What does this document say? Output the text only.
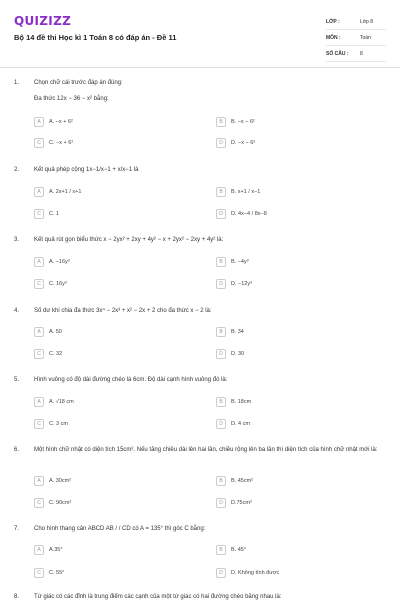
QUIZIZZ
Bộ 14 đề thi Học kì 1 Toán 8 có đáp án - Đề 11
LỚP :	Lớp 8
MÔN :	Toán
SỐ CÂU :	8
1. Chọn chữ cái trước đáp án đúng:
Đa thức 12x − 36 − x² bằng:
A	A. −x + 6²	B	B. −x − 6²
C	C. −x + 6²	D	D. −x − 6²
2. Kết quả phép cộng 1x−1/x−1 + x/x−1 là
A	A. 2x+1 / x+1	B	B. x+1 / x−1
C	C. 1	D	D. 4x−4 / 8x−8
3. Kết quả rút gọn biểu thức x − 2yx² + 2xy + 4y² − x + 2yx² − 2xy + 4y² là:
A	A. −16y³	B	B. −4y³
C	C. 16y³	D	D. −12y³
4. Số dư khi chia đa thức 3x⁴ − 2x³ + x² − 2x + 2 cho đa thức x − 2 là:
A	A. 50	B	B. 34
C	C. 32	D	D. 30
5. Hình vuông có độ dài đường chéo là 6cm. Độ dài cạnh hình vuông đó là:
A	A. √18 cm	B	B. 18cm
C	C. 3 cm	D	D. 4 cm
6. Một hình chữ nhật có diện tích 15cm². Nếu tăng chiều dài lên hai lần, chiều rộng lên ba lần thì diện tích của hình chữ nhật mới là:
A	A. 30cm²	B	B. 45cm²
C	C. 90cm²	D	D.75cm²
7. Cho hình thang cân ABCD AB / / CD có A = 135° thì góc C bằng:
A	A.35°	B	B. 45°
C	C. 55°	D	D. Không tính được
8. Tứ giác có các đỉnh là trung điểm các cạnh của một tứ giác có hai đường chéo bằng nhau là:
